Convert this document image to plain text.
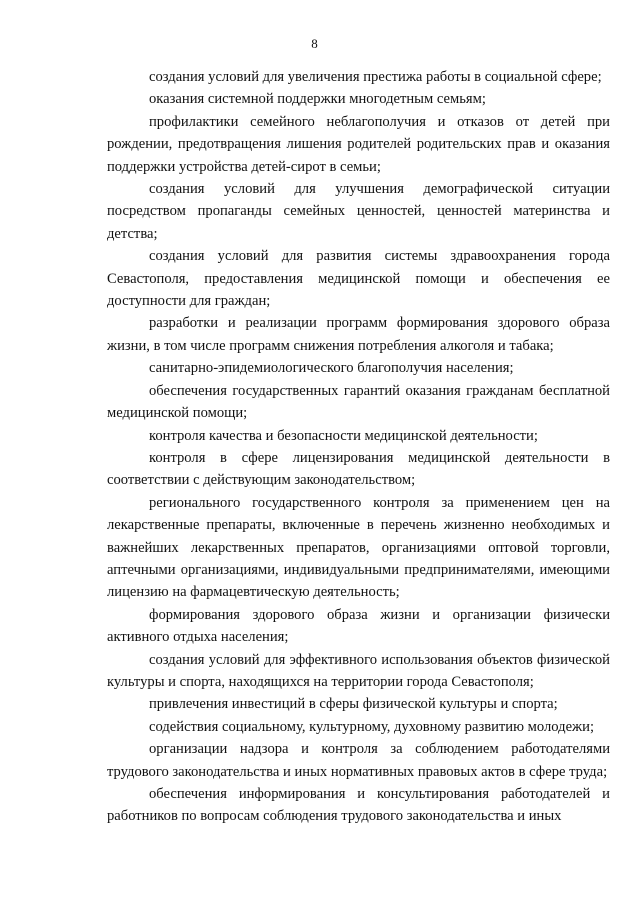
8

создания условий для увеличения престижа работы в социальной сфере;

оказания системной поддержки многодетным семьям;

профилактики семейного неблагополучия и отказов от детей при рождении, предотвращения лишения родителей родительских прав и оказания поддержки устройства детей-сирот в семьи;

создания условий для улучшения демографической ситуации посредством пропаганды семейных ценностей, ценностей материнства и детства;

создания условий для развития системы здравоохранения города Севастополя, предоставления медицинской помощи и обеспечения ее доступности для граждан;

разработки и реализации программ формирования здорового образа жизни, в том числе программ снижения потребления алкоголя и табака;

санитарно-эпидемиологического благополучия населения;

обеспечения государственных гарантий оказания гражданам бесплатной медицинской помощи;

контроля качества и безопасности медицинской деятельности;

контроля в сфере лицензирования медицинской деятельности в соответствии с действующим законодательством;

регионального государственного контроля за применением цен на лекарственные препараты, включенные в перечень жизненно необходимых и важнейших лекарственных препаратов, организациями оптовой торговли, аптечными организациями, индивидуальными предпринимателями, имеющими лицензию на фармацевтическую деятельность;

формирования здорового образа жизни и организации физически активного отдыха населения;

создания условий для эффективного использования объектов физической культуры и спорта, находящихся на территории города Севастополя;

привлечения инвестиций в сферы физической культуры и спорта;

содействия социальному, культурному, духовному развитию молодежи;

организации надзора и контроля за соблюдением работодателями трудового законодательства и иных нормативных правовых актов в сфере труда;

обеспечения информирования и консультирования работодателей и работников по вопросам соблюдения трудового законодательства и иных
